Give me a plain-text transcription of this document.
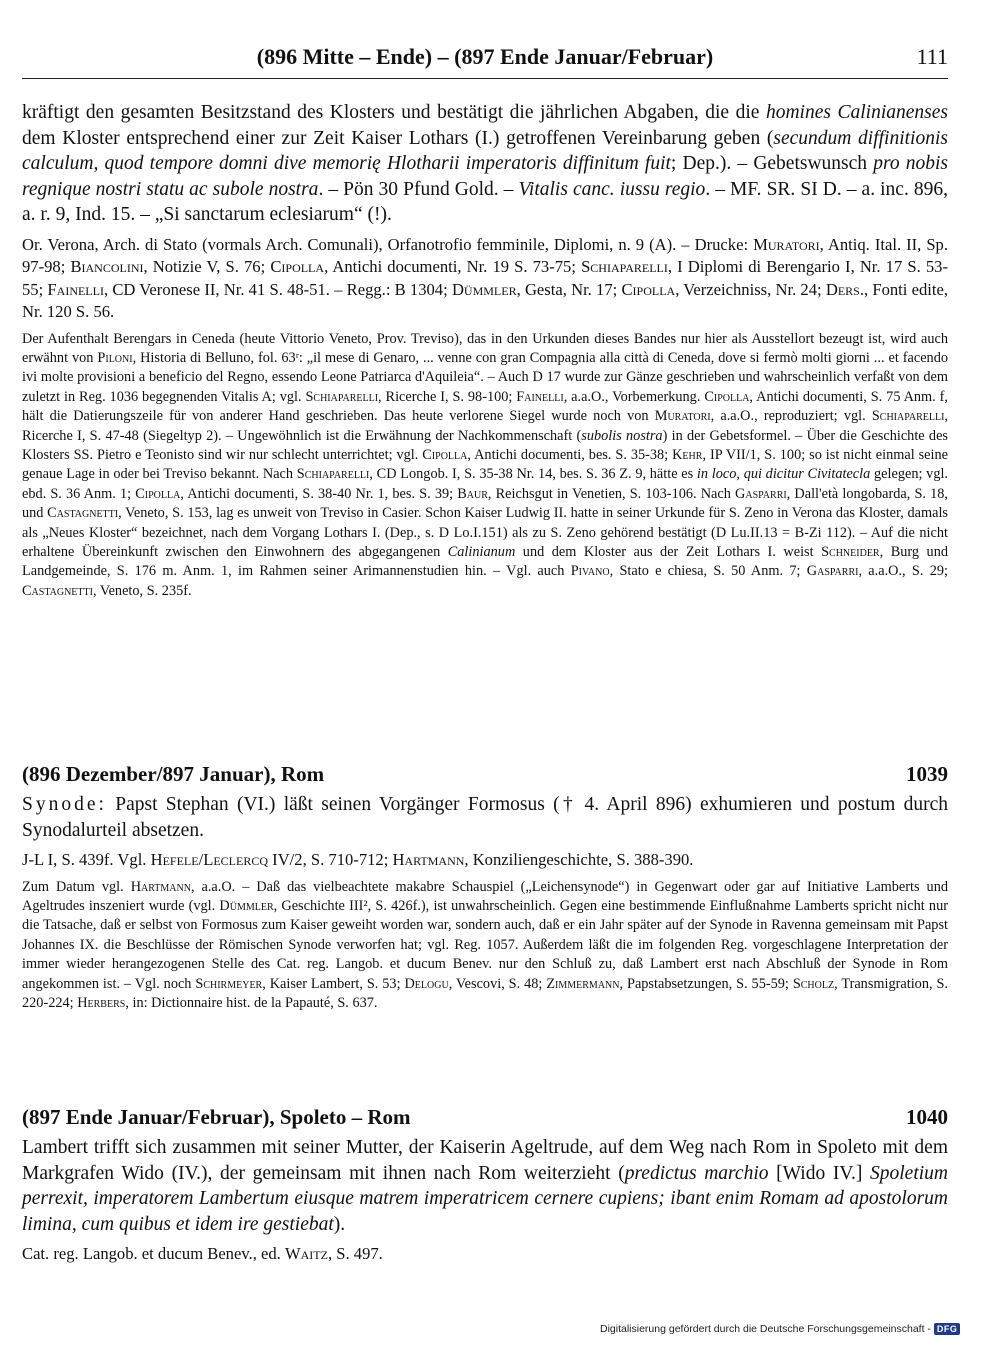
(896 Mitte – Ende) – (897 Ende Januar/Februar)	111

kräftigt den gesamten Besitzstand des Klosters und bestätigt die jährlichen Abgaben, die die homines Calinianenses dem Kloster entsprechend einer zur Zeit Kaiser Lothars (I.) getroffenen Vereinbarung geben (secundum diffinitionis calculum, quod tempore domni dive memorię Hlotharii imperatoris diffinitum fuit; Dep.). – Gebetswunsch pro nobis regnique nostri statu ac subole nostra. – Pön 30 Pfund Gold. – Vitalis canc. iussu regio. – MF. SR. SI D. – a. inc. 896, a. r. 9, Ind. 15. – „Si sanctarum eclesiarum“ (!).

Or. Verona, Arch. di Stato (vormals Arch. Comunali), Orfanotrofio femminile, Diplomi, n. 9 (A). – Drucke: Muratori, Antiq. Ital. II, Sp. 97-98; Biancolini, Notizie V, S. 76; Cipolla, Antichi documenti, Nr. 19 S. 73-75; Schiaparelli, I Diplomi di Berengario I, Nr. 17 S. 53-55; Fainelli, CD Veronese II, Nr. 41 S. 48-51. – Regg.: B 1304; Dümmler, Gesta, Nr. 17; Cipolla, Verzeichniss, Nr. 24; Ders., Fonti edite, Nr. 120 S. 56.

Der Aufenthalt Berengars in Ceneda (heute Vittorio Veneto, Prov. Treviso), das in den Urkunden dieses Bandes nur hier als Ausstellort bezeugt ist, wird auch erwähnt von Piloni, Historia di Belluno, fol. 63ʳ: „il mese di Genaro, ... venne con gran Compagnia alla città di Ceneda, dove si fermò molti giorni ... et facendo ivi molte provisioni a beneficio del Regno, essendo Leone Patriarca d'Aquileia“. – Auch D 17 wurde zur Gänze geschrieben und wahrscheinlich verfaßt von dem zuletzt in Reg. 1036 begegnenden Vitalis A; vgl. Schiaparelli, Ricerche I, S. 98-100; Fainelli, a.a.O., Vorbemerkung. Cipolla, Antichi documenti, S. 75 Anm. f, hält die Datierungszeile für von anderer Hand geschrieben. Das heute verlorene Siegel wurde noch von Muratori, a.a.O., reproduziert; vgl. Schiaparelli, Ricerche I, S. 47-48 (Siegeltyp 2). – Ungewöhnlich ist die Erwähnung der Nachkommenschaft (subolis nostra) in der Gebetsformel. – Über die Geschichte des Klosters SS. Pietro e Teonisto sind wir nur schlecht unterrichtet; vgl. Cipolla, Antichi documenti, bes. S. 35-38; Kehr, IP VII/1, S. 100; so ist nicht einmal seine genaue Lage in oder bei Treviso bekannt. Nach Schiaparelli, CD Longob. I, S. 35-38 Nr. 14, bes. S. 36 Z. 9, hätte es in loco, qui dicitur Civitatecla gelegen; vgl. ebd. S. 36 Anm. 1; Cipolla, Antichi documenti, S. 38-40 Nr. 1, bes. S. 39; Baur, Reichsgut in Venetien, S. 103-106. Nach Gasparri, Dall'età longobarda, S. 18, und Castagnetti, Veneto, S. 153, lag es unweit von Treviso in Casier. Schon Kaiser Ludwig II. hatte in seiner Urkunde für S. Zeno in Verona das Kloster, damals als „Neues Kloster“ bezeichnet, nach dem Vorgang Lothars I. (Dep., s. D Lo.I.151) als zu S. Zeno gehörend bestätigt (D Lu.II.13 = B-Zi 112). – Auf die nicht erhaltene Übereinkunft zwischen den Einwohnern des abgegangenen Calinianum und dem Kloster aus der Zeit Lothars I. weist Schneider, Burg und Landgemeinde, S. 176 m. Anm. 1, im Rahmen seiner Arimannenstudien hin. – Vgl. auch Pivano, Stato e chiesa, S. 50 Anm. 7; Gasparri, a.a.O., S. 29; Castagnetti, Veneto, S. 235f.

(896 Dezember/897 Januar), Rom	1039

Synode: Papst Stephan (VI.) läßt seinen Vorgänger Formosus († 4. April 896) exhumieren und postum durch Synodalurteil absetzen.

J-L I, S. 439f. Vgl. Hefele/Leclercq IV/2, S. 710-712; Hartmann, Konziliengeschichte, S. 388-390.

Zum Datum vgl. Hartmann, a.a.O. – Daß das vielbeachtete makabre Schauspiel („Leichensynode“) in Gegenwart oder gar auf Initiative Lamberts und Ageltrudes inszeniert wurde (vgl. Dümmler, Geschichte III², S. 426f.), ist unwahrscheinlich. Gegen eine bestimmende Einflußnahme Lamberts spricht nicht nur die Tatsache, daß er selbst von Formosus zum Kaiser geweiht worden war, sondern auch, daß er ein Jahr später auf der Synode in Ravenna gemeinsam mit Papst Johannes IX. die Beschlüsse der Römischen Synode verworfen hat; vgl. Reg. 1057. Außerdem läßt die im folgenden Reg. vorgeschlagene Interpretation der immer wieder herangezogenen Stelle des Cat. reg. Langob. et ducum Benev. nur den Schluß zu, daß Lambert erst nach Abschluß der Synode in Rom angekommen ist. – Vgl. noch Schirmeyer, Kaiser Lambert, S. 53; Delogu, Vescovi, S. 48; Zimmermann, Papstabsetzungen, S. 55-59; Scholz, Transmigration, S. 220-224; Herbers, in: Dictionnaire hist. de la Papauté, S. 637.

(897 Ende Januar/Februar), Spoleto – Rom	1040

Lambert trifft sich zusammen mit seiner Mutter, der Kaiserin Ageltrude, auf dem Weg nach Rom in Spoleto mit dem Markgrafen Wido (IV.), der gemeinsam mit ihnen nach Rom weiterzieht (predictus marchio [Wido IV.] Spoletium perrexit, imperatorem Lambertum eiusque matrem imperatricem cernere cupiens; ibant enim Romam ad apostolorum limina, cum quibus et idem ire gestiebat).

Cat. reg. Langob. et ducum Benev., ed. Waitz, S. 497.

Digitalisierung gefördert durch die Deutsche Forschungsgemeinschaft - DFG
